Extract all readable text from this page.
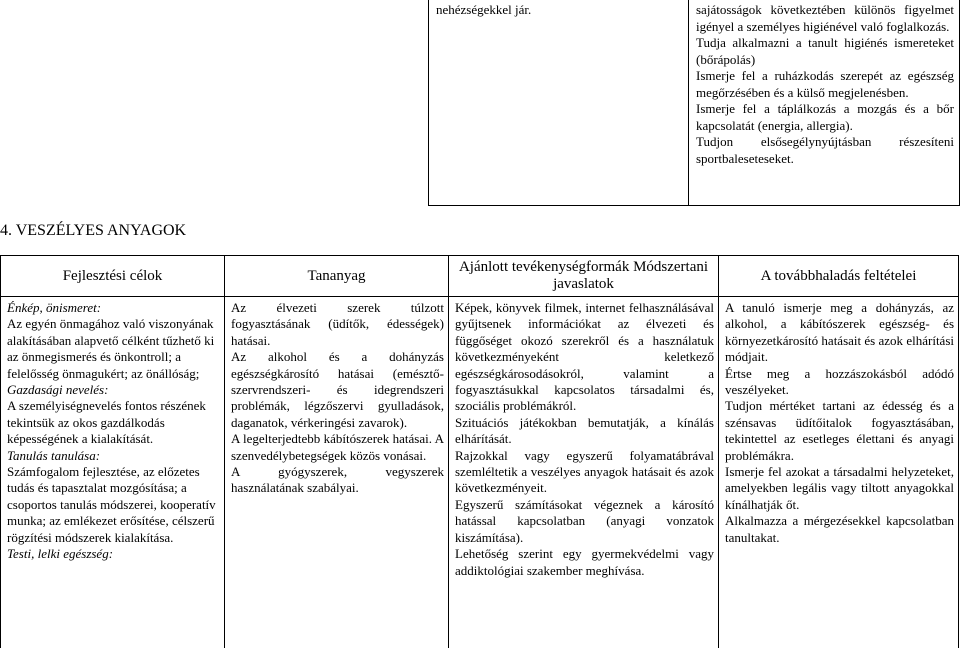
nehézségekkel jár.	sajátosságok következtében különös figyelmet igényel a személyes higiénével való foglalkozás.
Tudja alkalmazni a tanult higiénés ismereteket (bőrápolás)
Ismerje fel a ruházkodás szerepét az egészség megőrzésében és a külső megjelenésben.
Ismerje fel a táplálkozás a mozgás és a bőr kapcsolatát (energia, allergia).
Tudjon elsősegélynyújtásban részesíteni sportbaleseteseket.
4. VESZÉLYES ANYAGOK
Fejlesztési célok
Énkép, önismeret:
Az egyén önmagához való viszonyának alakításában alapvető célként tűzhető ki az önmegismerés és önkontroll; a felelősség önmagukért; az önállóság;
Gazdasági nevelés:
A személyiségnevelés fontos részének tekintsük az okos gazdálkodás képességének a kialakítását.
Tanulás tanulása:
Számfogalom fejlesztése, az előzetes tudás és tapasztalat mozgósítása; a csoportos tanulás módszerei, kooperatív munka; az emlékezet erősítése, célszerű rögzítési módszerek kialakítása.
Testi, lelki egészség:
Tananyag
Az élvezeti szerek túlzott fogyasztásának (üdítők, édességek) hatásai.
Az alkohol és a dohányzás egészségkárosító hatásai (emésztő-szervrendszeri- és idegrendszeri problémák, légzőszervi gyulladások, daganatok, vérkeringési zavarok).
A legelterjedtebb kábítószerek hatásai. A szenvedélybetegségek közös vonásai.
A gyógyszerek, vegyszerek használatának szabályai.
Ajánlott tevékenységformák Módszertani javaslatok
Képek, könyvek filmek, internet felhasználásával gyűjtsenek információkat az élvezeti és függőséget okozó szerekről és a használatuk következményeként keletkező egészségkárosodásokról, valamint a fogyasztásukkal kapcsolatos társadalmi és, szociális problémákról.
Szituációs játékokban bemutatják, a kínálás elhárítását.
Rajzokkal vagy egyszerű folyamatábrával szemléltetik a veszélyes anyagok hatásait és azok következményeit.
Egyszerű számításokat végeznek a károsító hatással kapcsolatban (anyagi vonzatok kiszámítása).
Lehetőség szerint egy gyermekvédelmi vagy addiktológiai szakember meghívása.
A továbbhaladás feltételei
A tanuló ismerje meg a dohányzás, az alkohol, a kábítószerek egészség- és környezetkárosító hatásait és azok elhárítási módjait.
Értse meg a hozzászokásból adódó veszélyeket.
Tudjon mértéket tartani az édesség és a szénsavas üdítőitalok fogyasztásában, tekintettel az esetleges élettani és anyagi problémákra.
Ismerje fel azokat a társadalmi helyzeteket, amelyekben legális vagy tiltott anyagokkal kínálhatják őt.
Alkalmazza a mérgezésekkel kapcsolatban tanultakat.
